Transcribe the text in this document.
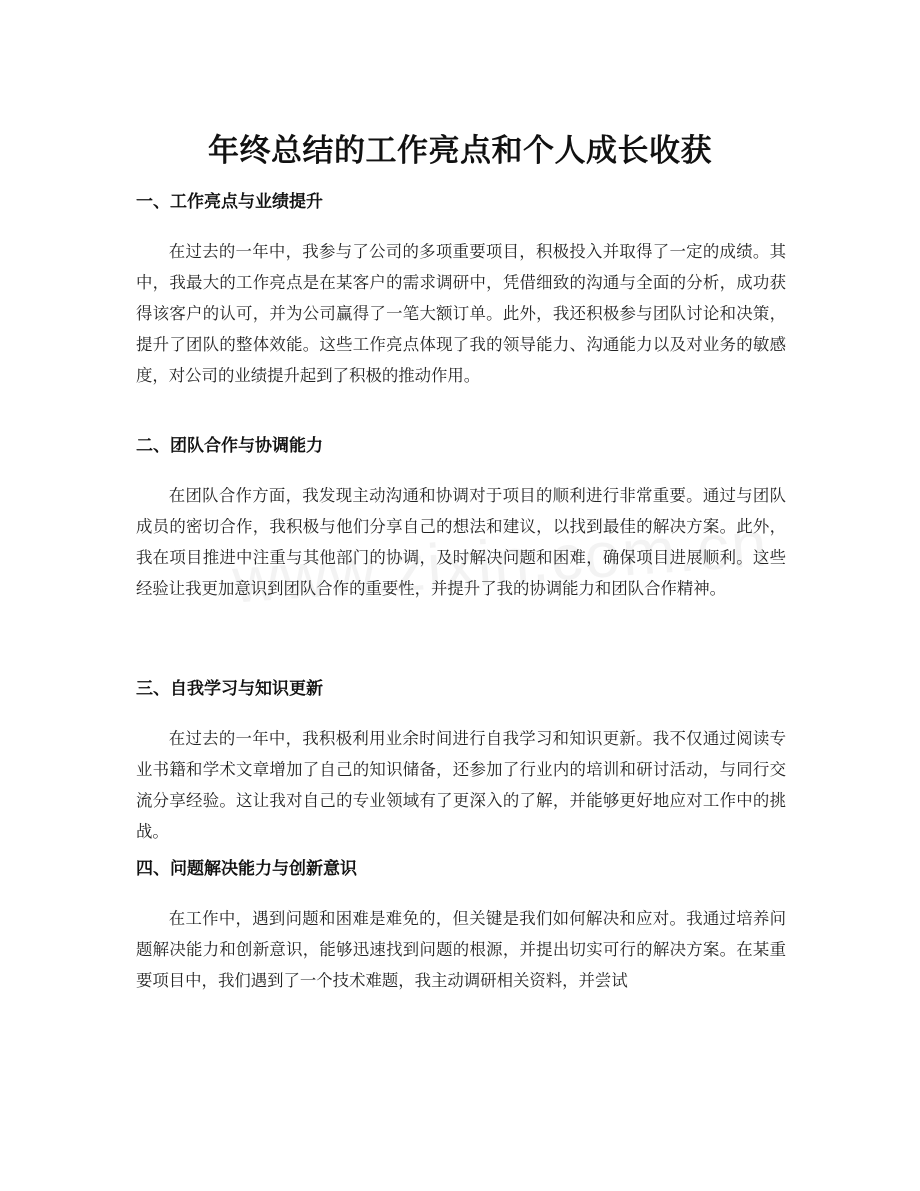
年终总结的工作亮点和个人成长收获
一、工作亮点与业绩提升

在过去的一年中，我参与了公司的多项重要项目，积极投入并取得了一定的成绩。其中，我最大的工作亮点是在某客户的需求调研中，凭借细致的沟通与全面的分析，成功获得该客户的认可，并为公司赢得了一笔大额订单。此外，我还积极参与团队讨论和决策，提升了团队的整体效能。这些工作亮点体现了我的领导能力、沟通能力以及对业务的敏感度，对公司的业绩提升起到了积极的推动作用。

二、团队合作与协调能力

在团队合作方面，我发现主动沟通和协调对于项目的顺利进行非常重要。通过与团队成员的密切合作，我积极与他们分享自己的想法和建议，以找到最佳的解决方案。此外，我在项目推进中注重与其他部门的协调，及时解决问题和困难，确保项目进展顺利。这些经验让我更加意识到团队合作的重要性，并提升了我的协调能力和团队合作精神。

三、自我学习与知识更新

在过去的一年中，我积极利用业余时间进行自我学习和知识更新。我不仅通过阅读专业书籍和学术文章增加了自己的知识储备，还参加了行业内的培训和研讨活动，与同行交流分享经验。这让我对自己的专业领域有了更深入的了解，并能够更好地应对工作中的挑战。

四、问题解决能力与创新意识

在工作中，遇到问题和困难是难免的，但关键是我们如何解决和应对。我通过培养问题解决能力和创新意识，能够迅速找到问题的根源，并提出切实可行的解决方案。在某重要项目中，我们遇到了一个技术难题，我主动调研相关资料，并尝试
